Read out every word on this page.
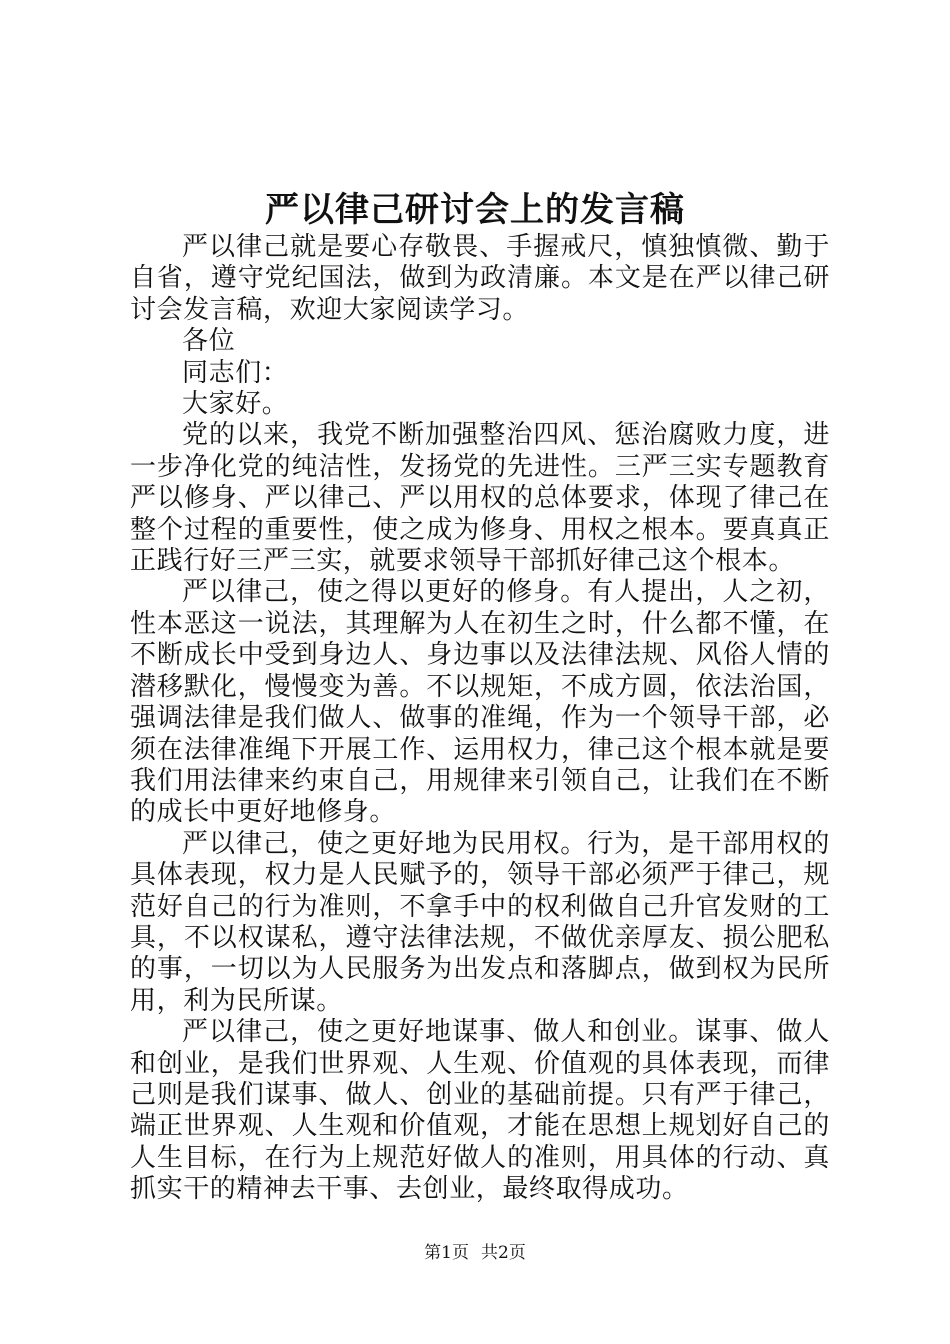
严以律己研讨会上的发言稿

严以律己就是要心存敬畏、手握戒尺，慎独慎微、勤于自省，遵守党纪国法，做到为政清廉。本文是在严以律己研讨会发言稿，欢迎大家阅读学习。

各位

同志们：

大家好。

党的以来，我党不断加强整治四风、惩治腐败力度，进一步净化党的纯洁性，发扬党的先进性。三严三实专题教育严以修身、严以律己、严以用权的总体要求，体现了律己在整个过程的重要性，使之成为修身、用权之根本。要真真正正践行好三严三实，就要求领导干部抓好律己这个根本。

严以律己，使之得以更好的修身。有人提出，人之初，性本恶这一说法，其理解为人在初生之时，什么都不懂，在不断成长中受到身边人、身边事以及法律法规、风俗人情的潜移默化，慢慢变为善。不以规矩，不成方圆，依法治国，强调法律是我们做人、做事的准绳，作为一个领导干部，必须在法律准绳下开展工作、运用权力，律己这个根本就是要我们用法律来约束自己，用规律来引领自己，让我们在不断的成长中更好地修身。

严以律己，使之更好地为民用权。行为，是干部用权的具体表现，权力是人民赋予的，领导干部必须严于律己，规范好自己的行为准则，不拿手中的权利做自己升官发财的工具，不以权谋私，遵守法律法规，不做优亲厚友、损公肥私的事，一切以为人民服务为出发点和落脚点，做到权为民所用，利为民所谋。

严以律己，使之更好地谋事、做人和创业。谋事、做人和创业，是我们世界观、人生观、价值观的具体表现，而律己则是我们谋事、做人、创业的基础前提。只有严于律己，端正世界观、人生观和价值观，才能在思想上规划好自己的人生目标，在行为上规范好做人的准则，用具体的行动、真抓实干的精神去干事、去创业，最终取得成功。

第1页 共2页
